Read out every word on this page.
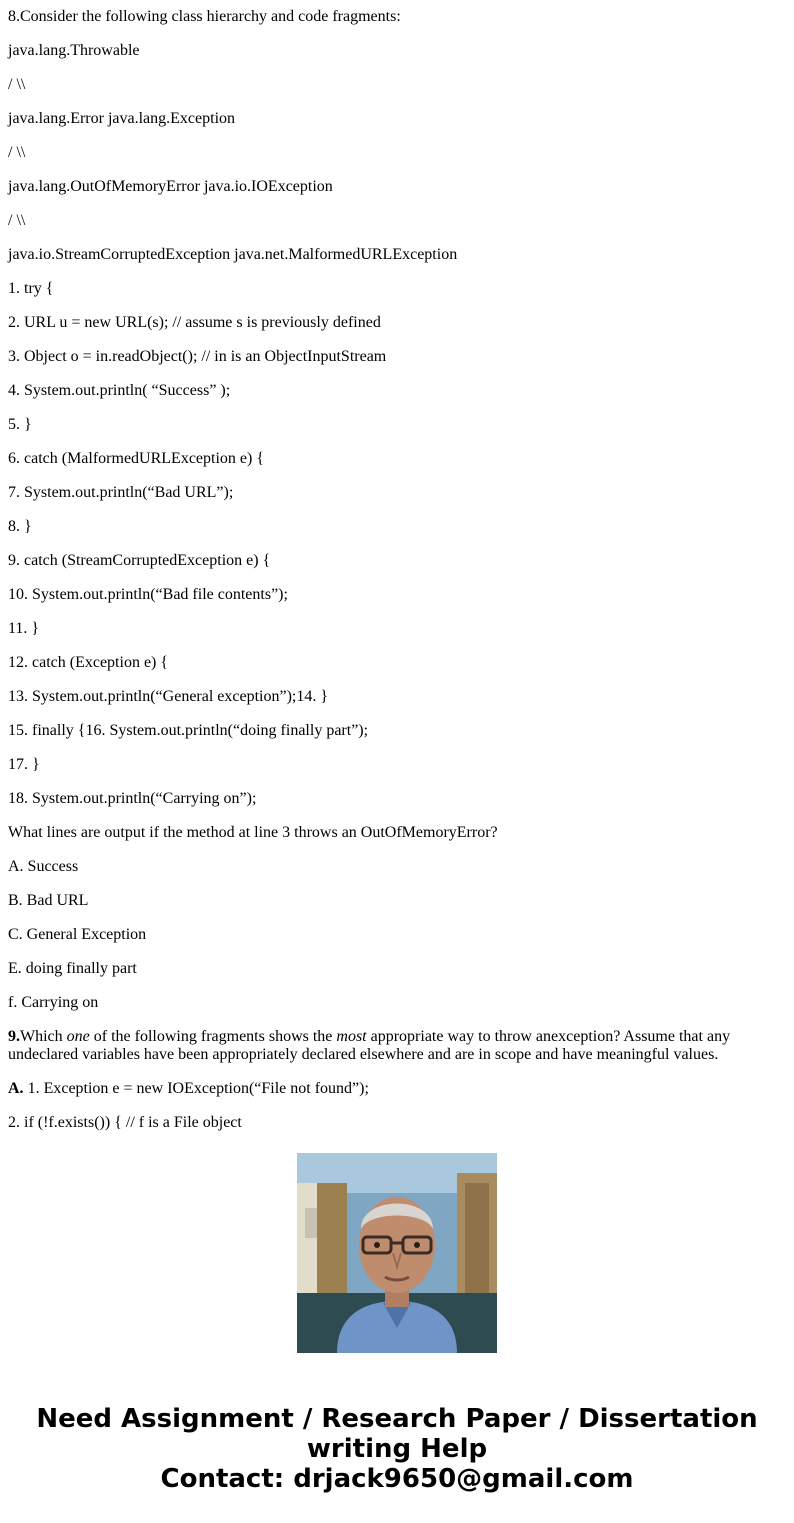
8.Consider the following class hierarchy and code fragments:
java.lang.Throwable
/ \\
java.lang.Error java.lang.Exception
/ \\
java.lang.OutOfMemoryError java.io.IOException
/ \\
java.io.StreamCorruptedException java.net.MalformedURLException
1. try {
2. URL u = new URL(s); // assume s is previously defined
3. Object o = in.readObject(); // in is an ObjectInputStream
4. System.out.println( “Success” );
5. }
6. catch (MalformedURLException e) {
7. System.out.println(“Bad URL”);
8. }
9. catch (StreamCorruptedException e) {
10. System.out.println(“Bad file contents”);
11. }
12. catch (Exception e) {
13. System.out.println(“General exception”);14. }
15. finally {16. System.out.println(“doing finally part”);
17. }
18. System.out.println(“Carrying on”);
What lines are output if the method at line 3 throws an OutOfMemoryError?
A. Success
B. Bad URL
C. General Exception
E. doing finally part
f. Carrying on
9.Which one of the following fragments shows the most appropriate way to throw anexception? Assume that any undeclared variables have been appropriately declared elsewhere and are in scope and have meaningful values.
A. 1. Exception e = new IOException(“File not found”);
2. if (!f.exists()) { // f is a File object
Need Assignment / Research Paper / Dissertation
writing Help
Contact: drjack9650@gmail.com
